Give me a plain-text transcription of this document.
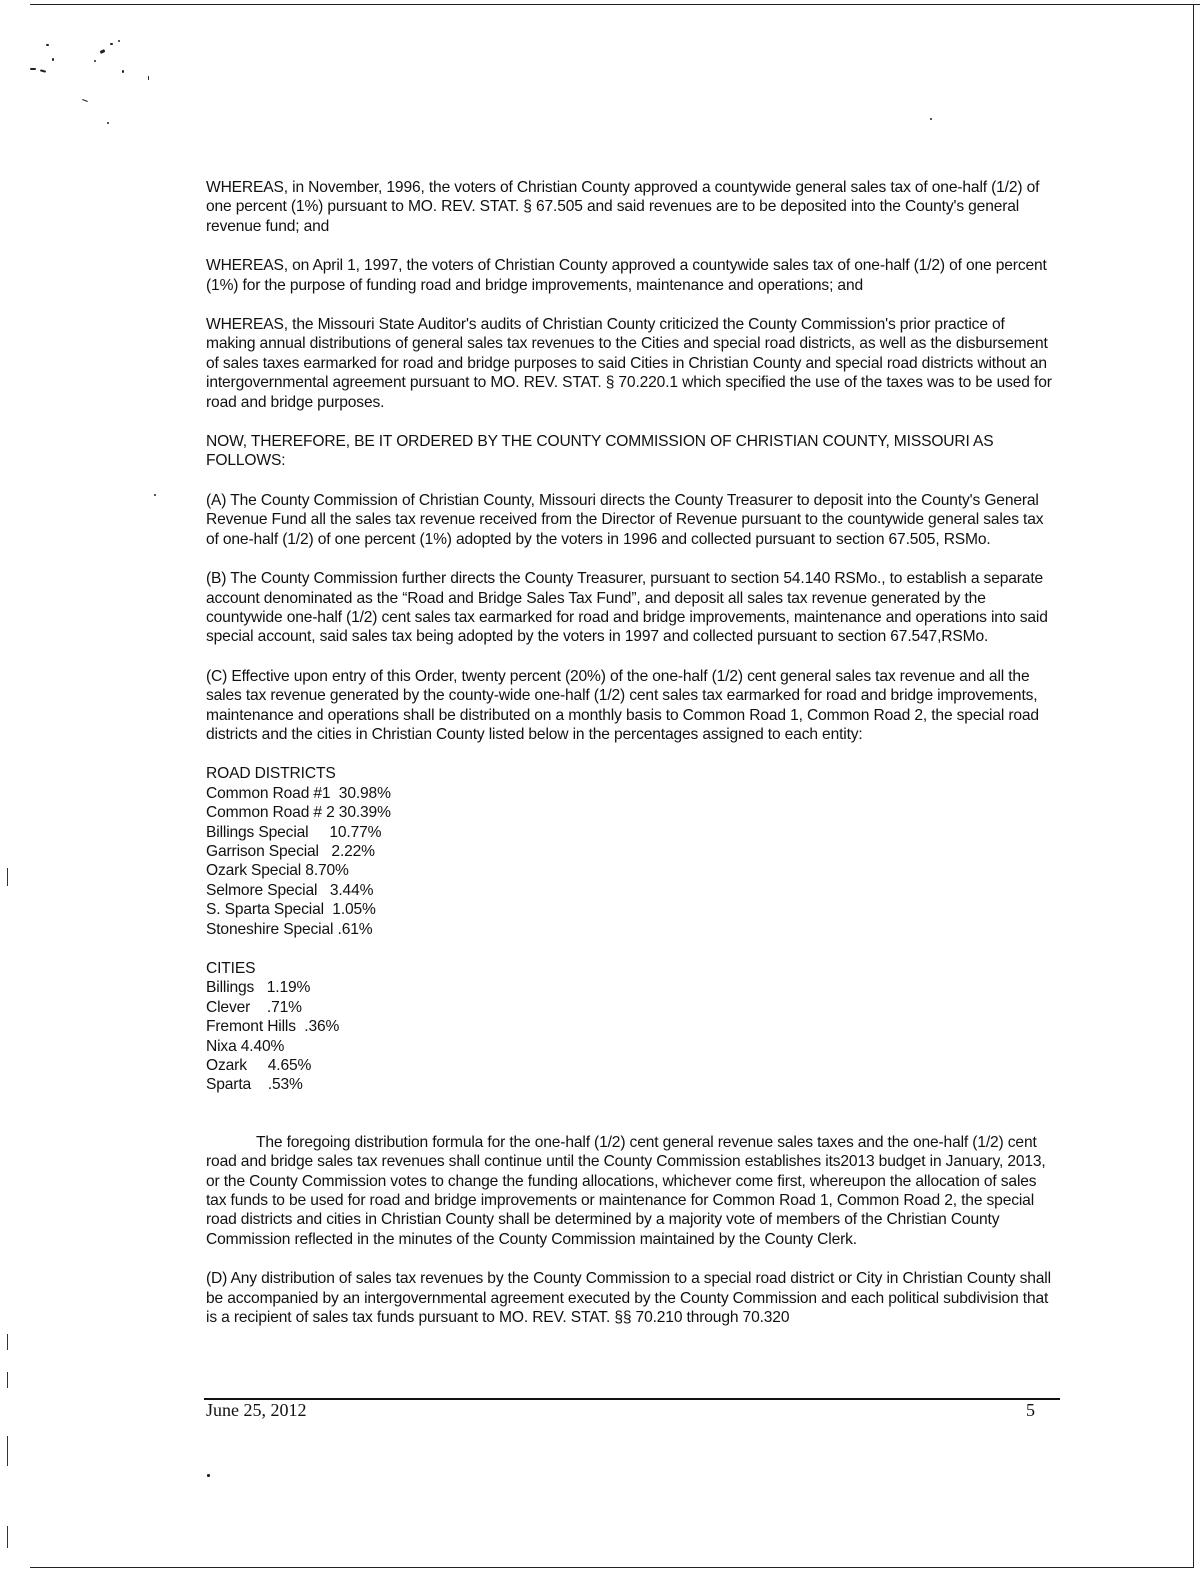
WHEREAS, in November, 1996, the voters of Christian County approved a countywide general sales tax of one-half (1/2) of one percent (1%) pursuant to MO. REV. STAT. § 67.505 and said revenues are to be deposited into the County's general revenue fund; and

WHEREAS, on April 1, 1997, the voters of Christian County approved a countywide sales tax of one-half (1/2) of one percent (1%) for the purpose of funding road and bridge improvements, maintenance and operations; and

WHEREAS, the Missouri State Auditor's audits of Christian County criticized the County Commission's prior practice of making annual distributions of general sales tax revenues to the Cities and special road districts, as well as the disbursement of sales taxes earmarked for road and bridge purposes to said Cities in Christian County and special road districts without an intergovernmental agreement pursuant to MO. REV. STAT. § 70.220.1 which specified the use of the taxes was to be used for road and bridge purposes.

NOW, THEREFORE, BE IT ORDERED BY THE COUNTY COMMISSION OF CHRISTIAN COUNTY, MISSOURI AS FOLLOWS:

(A) The County Commission of Christian County, Missouri directs the County Treasurer to deposit into the County's General Revenue Fund all the sales tax revenue received from the Director of Revenue pursuant to the countywide general sales tax of one-half (1/2) of one percent (1%) adopted by the voters in 1996 and collected pursuant to section 67.505, RSMo.

(B) The County Commission further directs the County Treasurer, pursuant to section 54.140 RSMo., to establish a separate account denominated as the “Road and Bridge Sales Tax Fund”, and deposit all sales tax revenue generated by the countywide one-half (1/2) cent sales tax earmarked for road and bridge improvements, maintenance and operations into said special account, said sales tax being adopted by the voters in 1997 and collected pursuant to section 67.547,RSMo.

(C) Effective upon entry of this Order, twenty percent (20%) of the one-half (1/2) cent general sales tax revenue and all the sales tax revenue generated by the county-wide one-half (1/2) cent sales tax earmarked for road and bridge improvements, maintenance and operations shall be distributed on a monthly basis to Common Road 1, Common Road 2, the special road districts and the cities in Christian County listed below in the percentages assigned to each entity:

ROAD DISTRICTS
Common Road #1  30.98%
Common Road # 2 30.39%
Billings Special     10.77%
Garrison Special   2.22%
Ozark Special 8.70%
Selmore Special   3.44%
S. Sparta Special  1.05%
Stoneshire Special .61%
CITIES
Billings   1.19%
Clever    .71%
Fremont Hills  .36%
Nixa 4.40%
Ozark     4.65%
Sparta    .53%

The foregoing distribution formula for the one-half (1/2) cent general revenue sales taxes and the one-half (1/2) cent road and bridge sales tax revenues shall continue until the County Commission establishes its2013 budget in January, 2013, or the County Commission votes to change the funding allocations, whichever come first, whereupon the allocation of sales tax funds to be used for road and bridge improvements or maintenance for Common Road 1, Common Road 2, the special road districts and cities in Christian County shall be determined by a majority vote of members of the Christian County Commission reflected in the minutes of the County Commission maintained by the County Clerk.

(D) Any distribution of sales tax revenues by the County Commission to a special road district or City in Christian County shall be accompanied by an intergovernmental agreement executed by the County Commission and each political subdivision that is a recipient of sales tax funds pursuant to MO. REV. STAT. §§ 70.210 through 70.320

June 25, 2012	5
